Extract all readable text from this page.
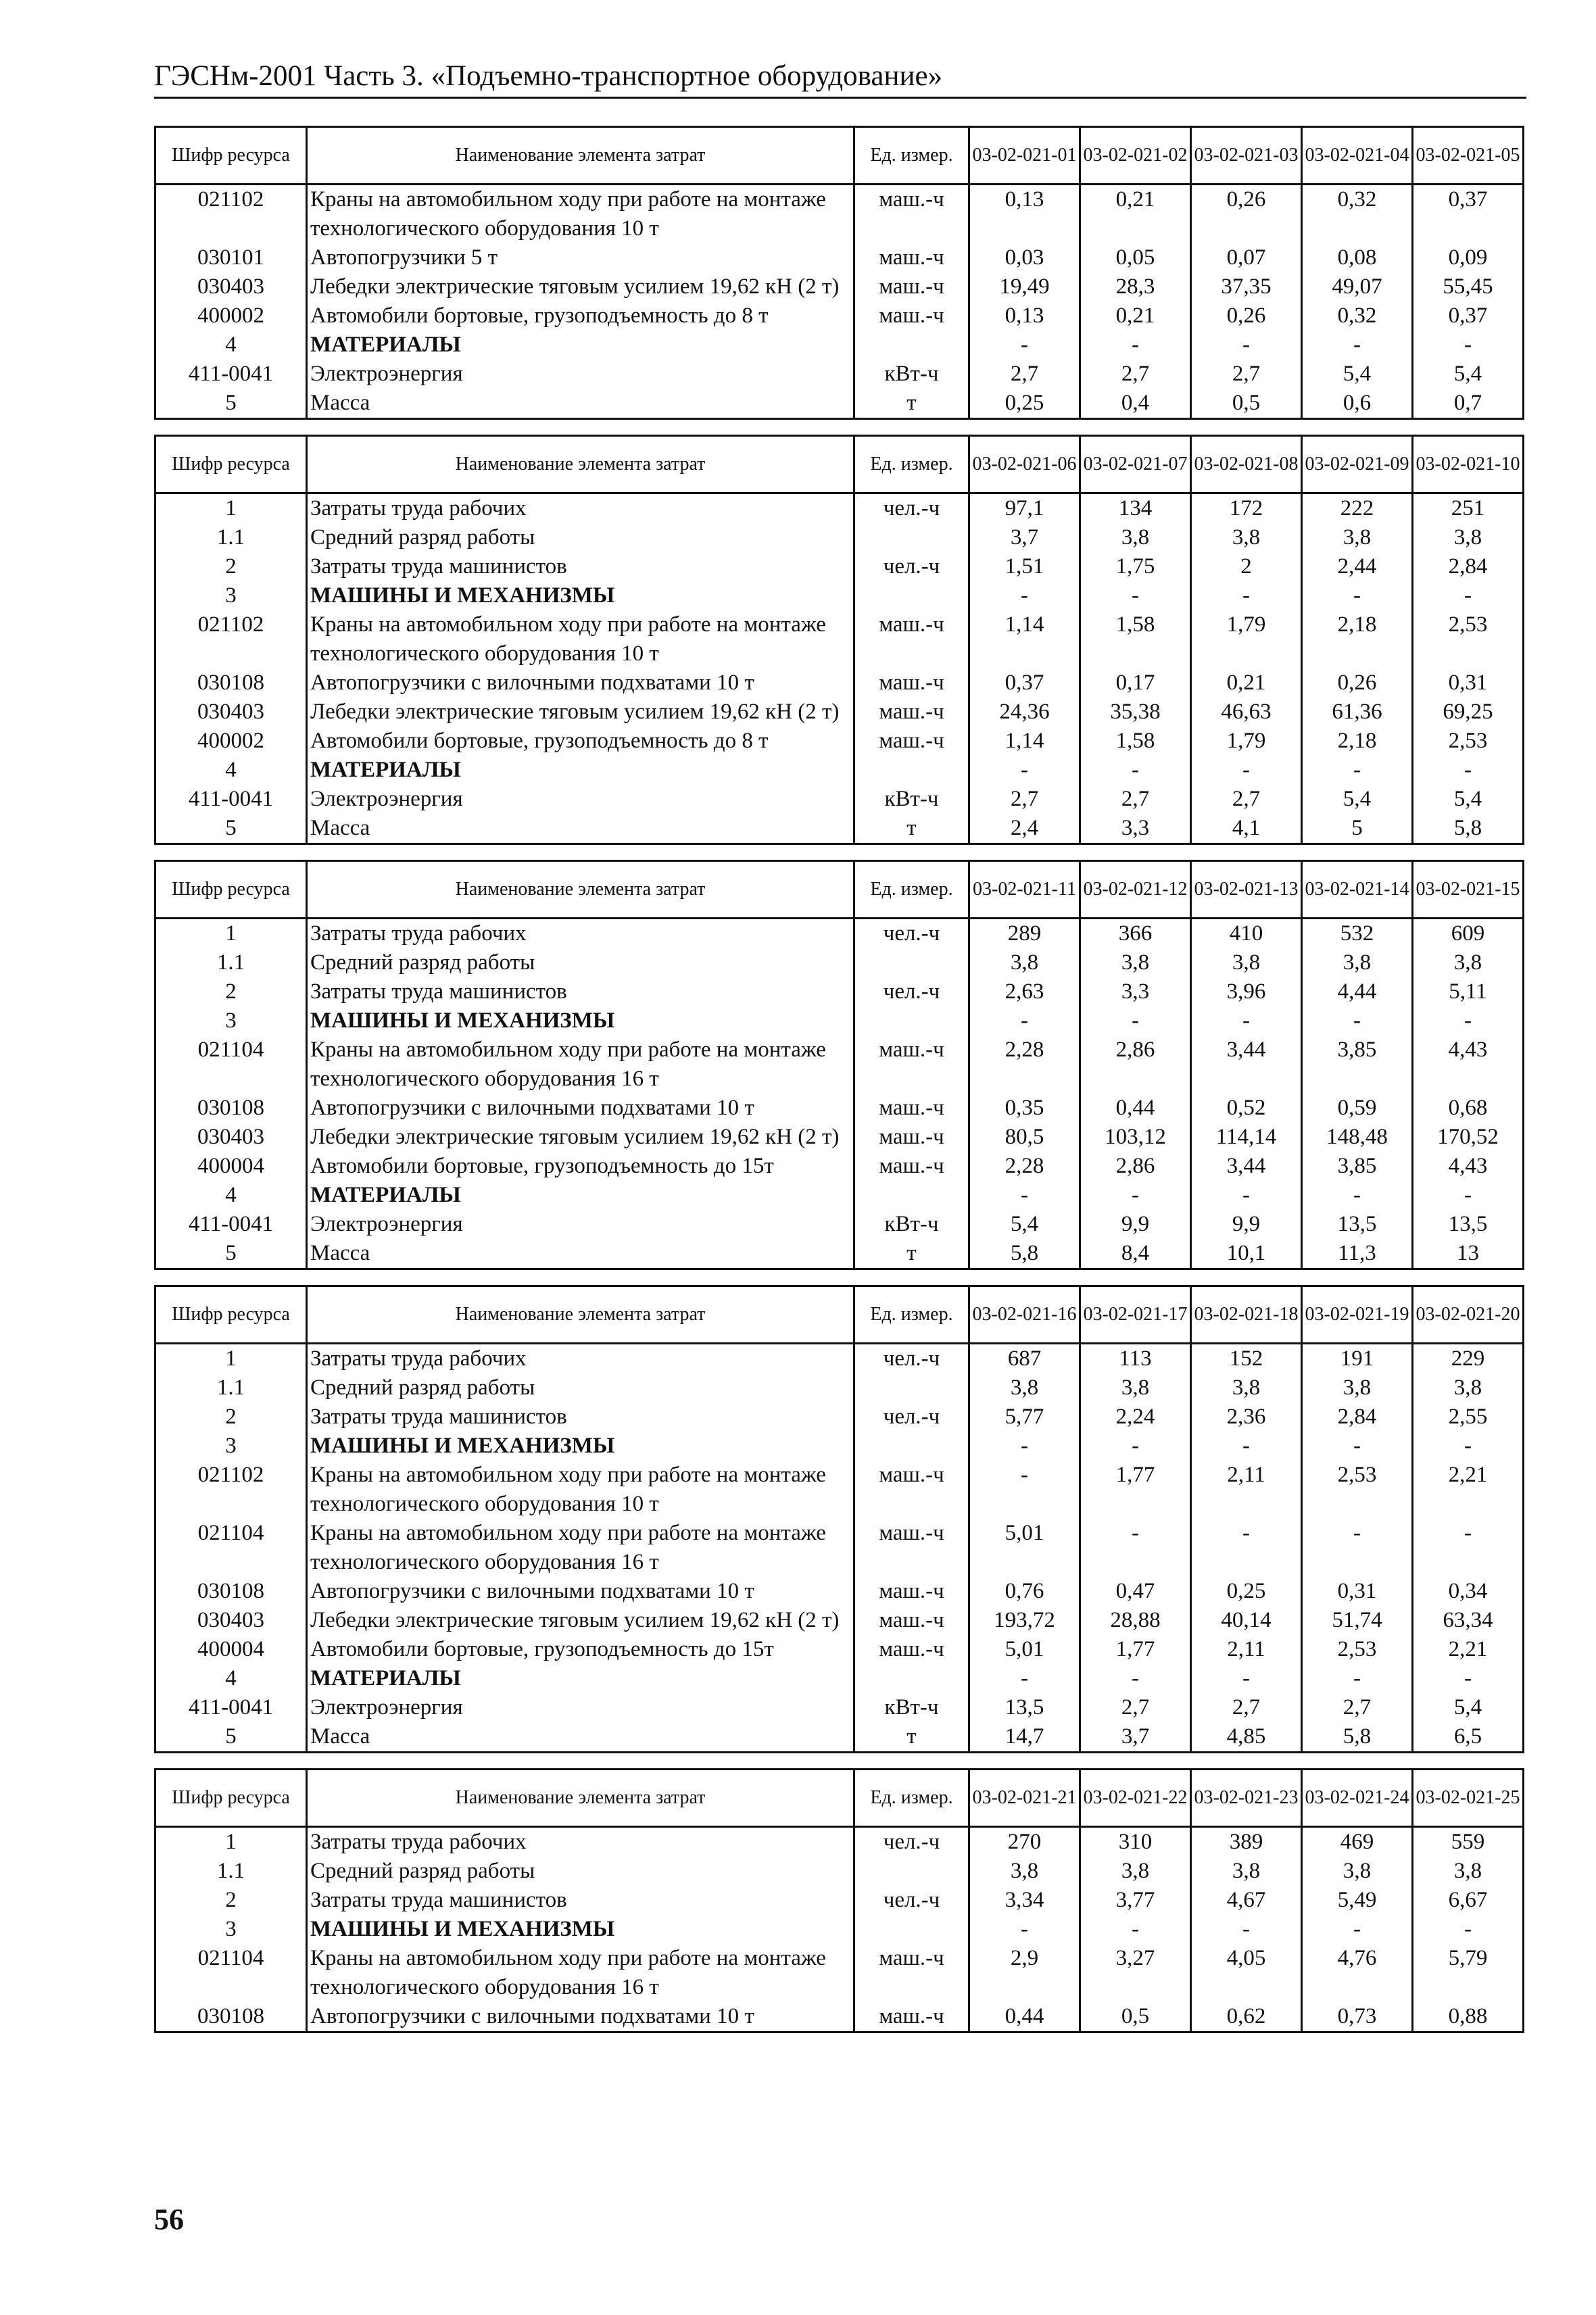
ГЭСНм-2001 Часть 3. «Подъемно-транспортное оборудование»
Шифр ресурса	Наименование элемента затрат	Ед. измер.	03-02-021-01	03-02-021-02	03-02-021-03	03-02-021-04	03-02-021-05
021102	Краны на автомобильном ходу при работе на монтаже технологического оборудования 10 т	маш.-ч	0,13	0,21	0,26	0,32	0,37
030101	Автопогрузчики 5 т	маш.-ч	0,03	0,05	0,07	0,08	0,09
030403	Лебедки электрические тяговым усилием 19,62 кН (2 т)	маш.-ч	19,49	28,3	37,35	49,07	55,45
400002	Автомобили бортовые, грузоподъемность до 8 т	маш.-ч	0,13	0,21	0,26	0,32	0,37
4	МАТЕРИАЛЫ		-	-	-	-	-
411-0041	Электроэнергия	кВт-ч	2,7	2,7	2,7	5,4	5,4
5	Масса	т	0,25	0,4	0,5	0,6	0,7
Шифр ресурса	Наименование элемента затрат	Ед. измер.	03-02-021-06	03-02-021-07	03-02-021-08	03-02-021-09	03-02-021-10
1	Затраты труда рабочих	чел.-ч	97,1	134	172	222	251
1.1	Средний разряд работы		3,7	3,8	3,8	3,8	3,8
2	Затраты труда машинистов	чел.-ч	1,51	1,75	2	2,44	2,84
3	МАШИНЫ И МЕХАНИЗМЫ		-	-	-	-	-
021102	Краны на автомобильном ходу при работе на монтаже технологического оборудования 10 т	маш.-ч	1,14	1,58	1,79	2,18	2,53
030108	Автопогрузчики с вилочными подхватами 10 т	маш.-ч	0,37	0,17	0,21	0,26	0,31
030403	Лебедки электрические тяговым усилием 19,62 кН (2 т)	маш.-ч	24,36	35,38	46,63	61,36	69,25
400002	Автомобили бортовые, грузоподъемность до 8 т	маш.-ч	1,14	1,58	1,79	2,18	2,53
4	МАТЕРИАЛЫ		-	-	-	-	-
411-0041	Электроэнергия	кВт-ч	2,7	2,7	2,7	5,4	5,4
5	Масса	т	2,4	3,3	4,1	5	5,8
Шифр ресурса	Наименование элемента затрат	Ед. измер.	03-02-021-11	03-02-021-12	03-02-021-13	03-02-021-14	03-02-021-15
1	Затраты труда рабочих	чел.-ч	289	366	410	532	609
1.1	Средний разряд работы		3,8	3,8	3,8	3,8	3,8
2	Затраты труда машинистов	чел.-ч	2,63	3,3	3,96	4,44	5,11
3	МАШИНЫ И МЕХАНИЗМЫ		-	-	-	-	-
021104	Краны на автомобильном ходу при работе на монтаже технологического оборудования 16 т	маш.-ч	2,28	2,86	3,44	3,85	4,43
030108	Автопогрузчики с вилочными подхватами 10 т	маш.-ч	0,35	0,44	0,52	0,59	0,68
030403	Лебедки электрические тяговым усилием 19,62 кН (2 т)	маш.-ч	80,5	103,12	114,14	148,48	170,52
400004	Автомобили бортовые, грузоподъемность до 15т	маш.-ч	2,28	2,86	3,44	3,85	4,43
4	МАТЕРИАЛЫ		-	-	-	-	-
411-0041	Электроэнергия	кВт-ч	5,4	9,9	9,9	13,5	13,5
5	Масса	т	5,8	8,4	10,1	11,3	13
Шифр ресурса	Наименование элемента затрат	Ед. измер.	03-02-021-16	03-02-021-17	03-02-021-18	03-02-021-19	03-02-021-20
1	Затраты труда рабочих	чел.-ч	687	113	152	191	229
1.1	Средний разряд работы		3,8	3,8	3,8	3,8	3,8
2	Затраты труда машинистов	чел.-ч	5,77	2,24	2,36	2,84	2,55
3	МАШИНЫ И МЕХАНИЗМЫ		-	-	-	-	-
021102	Краны на автомобильном ходу при работе на монтаже технологического оборудования 10 т	маш.-ч	-	1,77	2,11	2,53	2,21
021104	Краны на автомобильном ходу при работе на монтаже технологического оборудования 16 т	маш.-ч	5,01	-	-	-	-
030108	Автопогрузчики с вилочными подхватами 10 т	маш.-ч	0,76	0,47	0,25	0,31	0,34
030403	Лебедки электрические тяговым усилием 19,62 кН (2 т)	маш.-ч	193,72	28,88	40,14	51,74	63,34
400004	Автомобили бортовые, грузоподъемность до 15т	маш.-ч	5,01	1,77	2,11	2,53	2,21
4	МАТЕРИАЛЫ		-	-	-	-	-
411-0041	Электроэнергия	кВт-ч	13,5	2,7	2,7	2,7	5,4
5	Масса	т	14,7	3,7	4,85	5,8	6,5
Шифр ресурса	Наименование элемента затрат	Ед. измер.	03-02-021-21	03-02-021-22	03-02-021-23	03-02-021-24	03-02-021-25
1	Затраты труда рабочих	чел.-ч	270	310	389	469	559
1.1	Средний разряд работы		3,8	3,8	3,8	3,8	3,8
2	Затраты труда машинистов	чел.-ч	3,34	3,77	4,67	5,49	6,67
3	МАШИНЫ И МЕХАНИЗМЫ		-	-	-	-	-
021104	Краны на автомобильном ходу при работе на монтаже технологического оборудования 16 т	маш.-ч	2,9	3,27	4,05	4,76	5,79
030108	Автопогрузчики с вилочными подхватами 10 т	маш.-ч	0,44	0,5	0,62	0,73	0,88
56
